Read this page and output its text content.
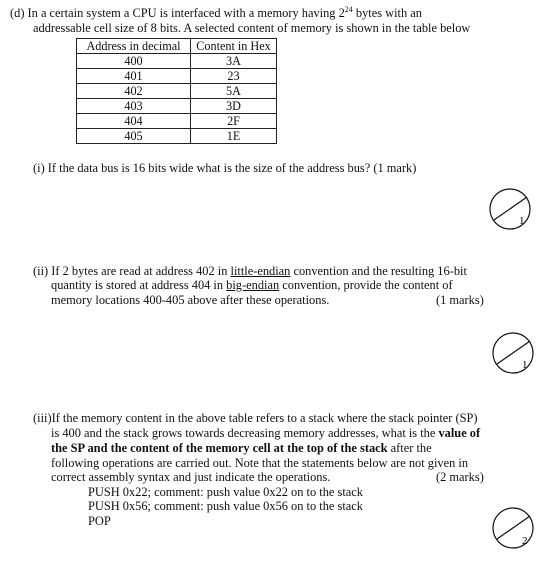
(d) In a certain system a CPU is interfaced with a memory having $2^{24}$ bytes with an
addressable cell size of 8 bits. A selected content of memory is shown in the table below
Address in decimal	Content in Hex
400	3A
401	23
402	5A
403	3D
404	2F
405	1E
(i) If the data bus is 16 bits wide what is the size of the address bus? (1 mark)
1
(ii) If 2 bytes are read at address 402 in little-endian convention and the resulting 16-bit
quantity is stored at address 404 in big-endian convention, provide the content of
memory locations 400-405 above after these operations.	(1 marks)
1
(iii)If the memory content in the above table refers to a stack where the stack pointer (SP)
is 400 and the stack grows towards decreasing memory addresses, what is the value of
the SP and the content of the memory cell at the top of the stack after the
following operations are carried out. Note that the statements below are not given in
correct assembly syntax and just indicate the operations.	(2 marks)
PUSH 0x22; comment: push value 0x22 on to the stack
PUSH 0x56; comment: push value 0x56 on to the stack
POP
2
